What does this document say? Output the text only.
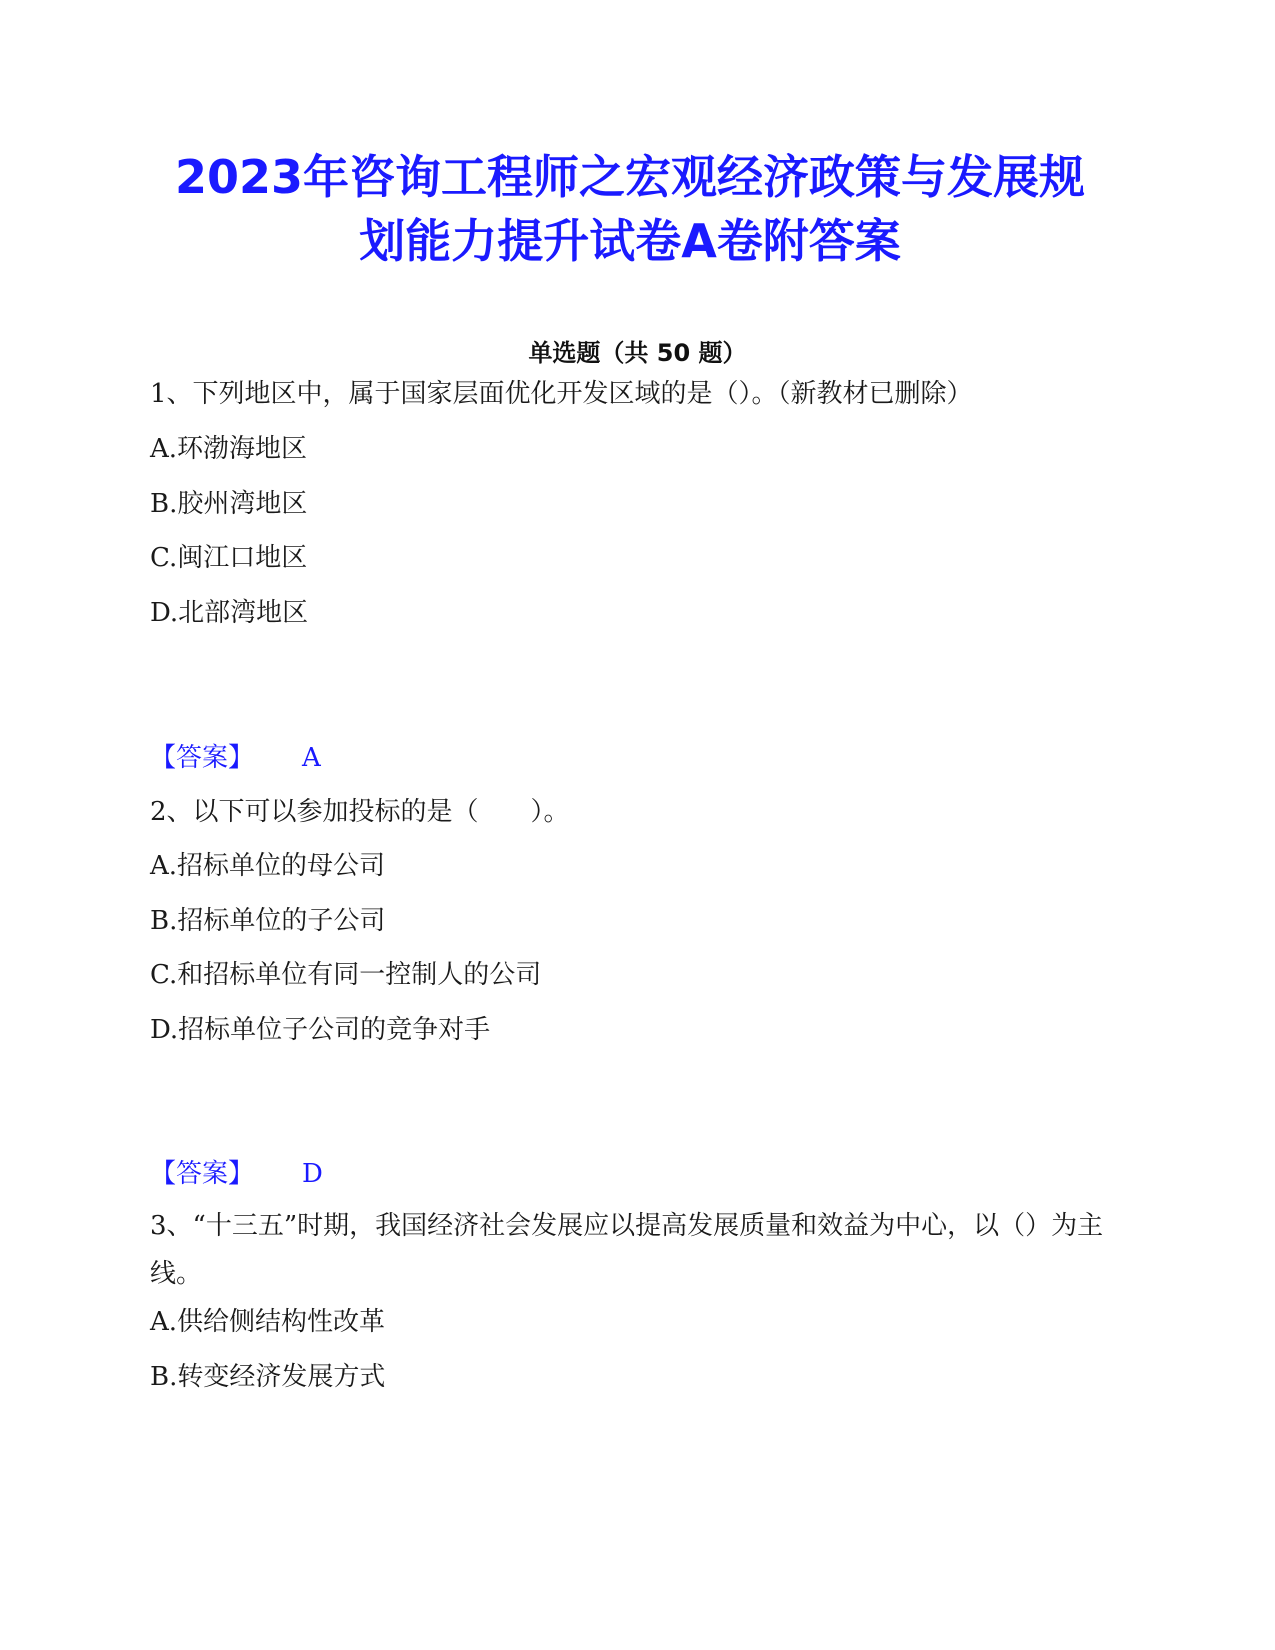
2023年咨询工程师之宏观经济政策与发展规
划能力提升试卷A卷附答案
单选题（共 50 题）
1、下列地区中，属于国家层面优化开发区域的是（）。（新教材已删除）
A.环渤海地区
B.胶州湾地区
C.闽江口地区
D.北部湾地区
【答案】 A
2、以下可以参加投标的是（　　）。
A.招标单位的母公司
B.招标单位的子公司
C.和招标单位有同一控制人的公司
D.招标单位子公司的竞争对手
【答案】 D
3、“十三五”时期，我国经济社会发展应以提高发展质量和效益为中心，以（）为主线。
A.供给侧结构性改革
B.转变经济发展方式
